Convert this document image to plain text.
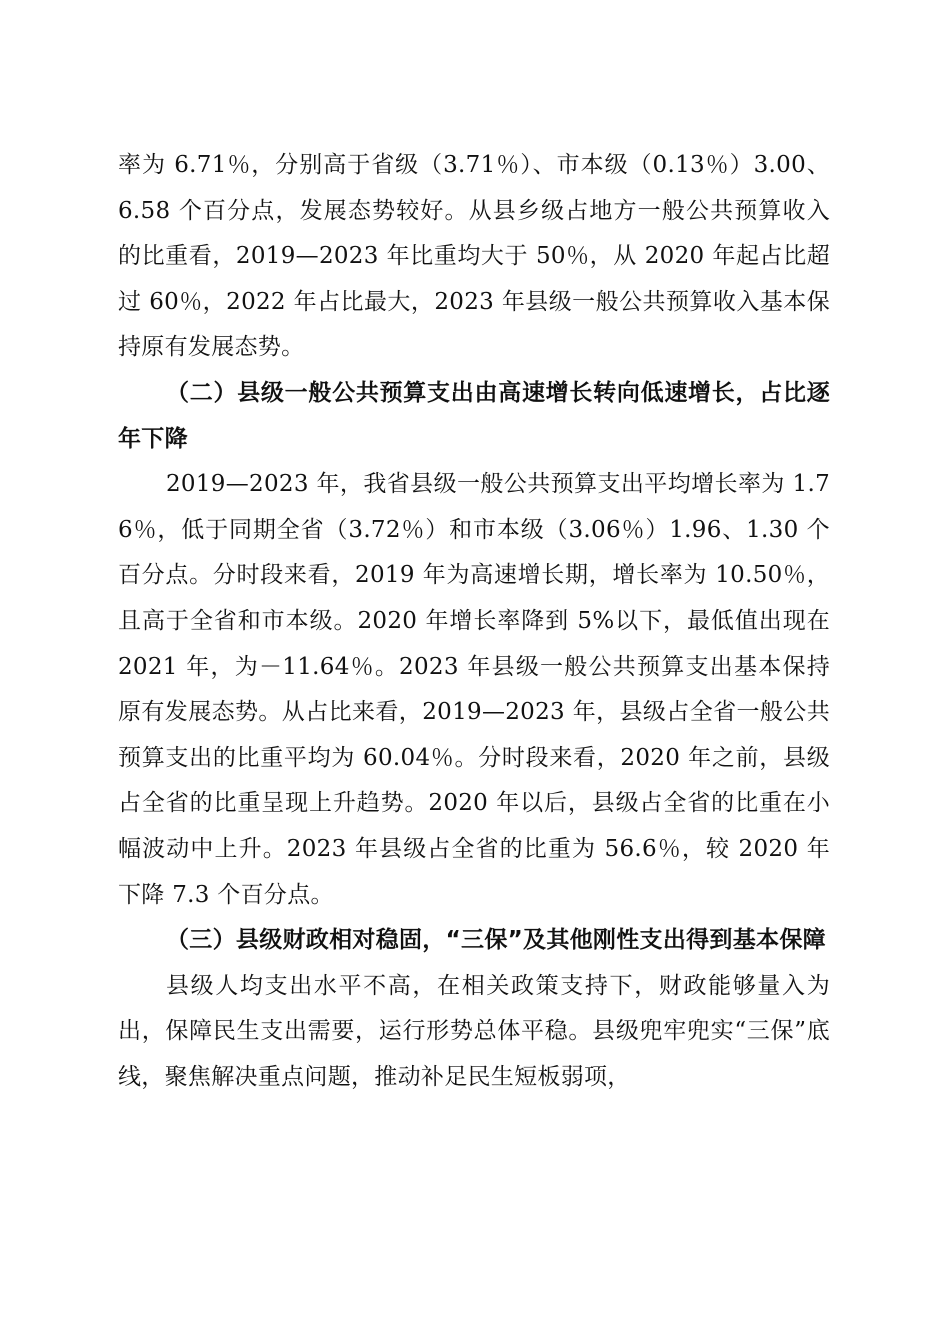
率为 6.71％，分别高于省级（3.71％）、市本级（0.13％）3.00、6.58 个百分点，发展态势较好。从县乡级占地方一般公共预算收入的比重看，2019—2023 年比重均大于 50％，从 2020 年起占比超过 60％，2022 年占比最大，2023 年县级一般公共预算收入基本保持原有发展态势。

（二）县级一般公共预算支出由高速增长转向低速增长，占比逐年下降

2019—2023 年，我省县级一般公共预算支出平均增长率为 1.76％，低于同期全省（3.72％）和市本级（3.06％）1.96、1.30 个百分点。分时段来看，2019 年为高速增长期，增长率为 10.50％，且高于全省和市本级。2020 年增长率降到 5%以下，最低值出现在 2021 年，为－11.64％。2023 年县级一般公共预算支出基本保持原有发展态势。从占比来看，2019—2023 年，县级占全省一般公共预算支出的比重平均为 60.04％。分时段来看，2020 年之前，县级占全省的比重呈现上升趋势。2020 年以后，县级占全省的比重在小幅波动中上升。2023 年县级占全省的比重为 56.6％，较 2020 年下降 7.3 个百分点。

（三）县级财政相对稳固，“三保”及其他刚性支出得到基本保障

县级人均支出水平不高，在相关政策支持下，财政能够量入为出，保障民生支出需要，运行形势总体平稳。县级兜牢兜实“三保”底线，聚焦解决重点问题，推动补足民生短板弱项，
